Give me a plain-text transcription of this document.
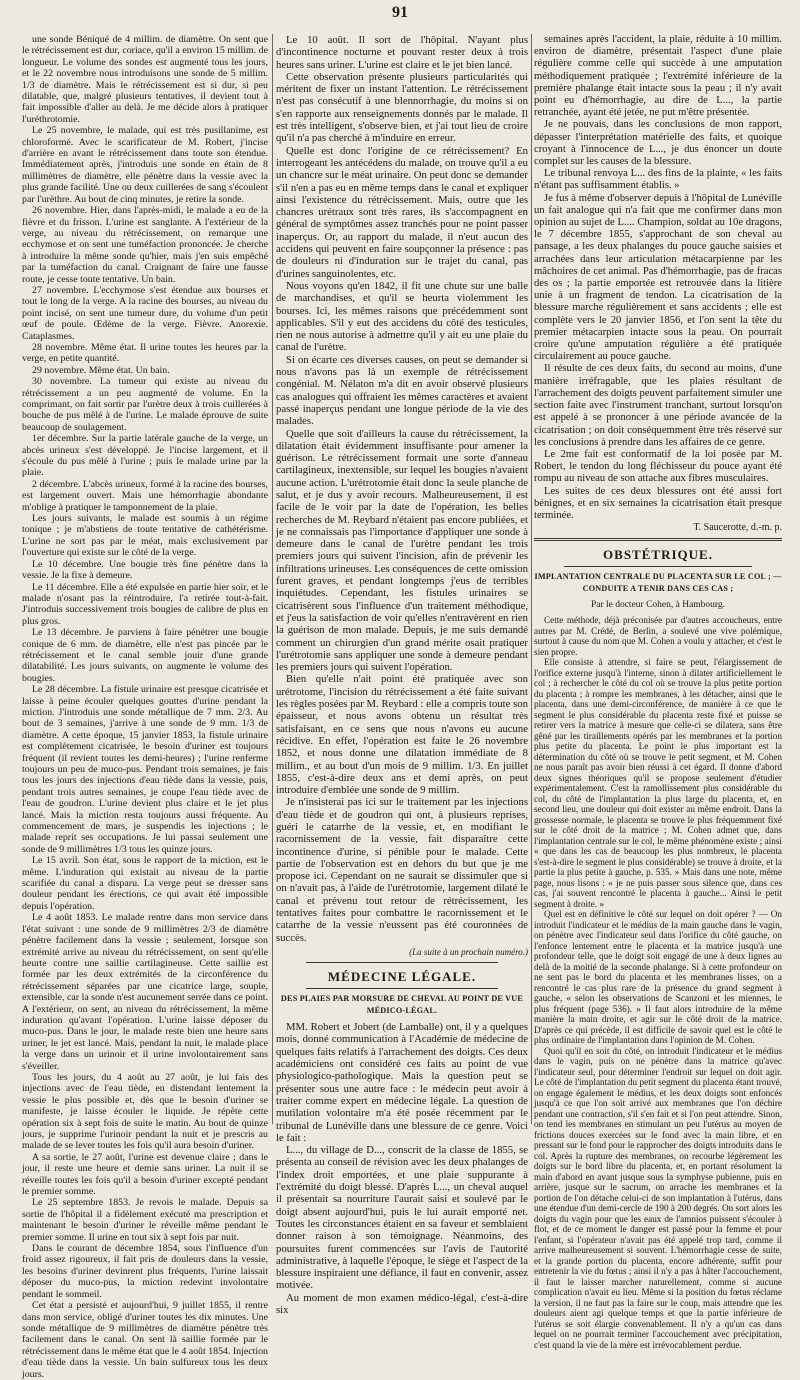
91

une sonde Béniqué de 4 millim. de diamètre. On sent que le rétrécissement est dur, coriace, qu'il a environ 15 millim. de longueur. Le volume des sondes est augmenté tous les jours, et le 22 novembre nous introduisons une sonde de 5 millim. 1/3 de diamètre. Mais le rétrécissement est si dur, si peu dilatable, que, malgré plusieurs tentatives, il devient tout à fait impossible d'aller au delà. Je me décide alors à pratiquer l'uréthrotomie.

Le 25 novembre, le malade, qui est très pusillanime, est chloroformé. Avec le scarificateur de M. Robert, j'incise d'arrière en avant le rétrécissement dans toute son étendue. Immédiatement après, j'introduis une sonde en étain de 8 millimètres de diamètre, elle pénètre dans la vessie avec la plus grande facilité. Une ou deux cuillerées de sang s'écoulent par l'urèthre. Au bout de cinq minutes, je retire la sonde.

26 novembre. Hier, dans l'après-midi, le malade a eu de la fièvre et du frisson. L'urine est sanglante. A l'extérieur de la verge, au niveau du rétrécissement, on remarque une ecchymose et on sent une tuméfaction prononcée. Je cherche à introduire la même sonde qu'hier, mais j'en suis empêché par la tuméfaction du canal. Craignant de faire une fausse route, je cesse toute tentative. Un bain.

27 novembre. L'ecchymose s'est étendue aux bourses et tout le long de la verge. A la racine des bourses, au niveau du point incisé, on sent une tumeur dure, du volume d'un petit œuf de poule. Œdème de la verge. Fièvre. Anorexie. Cataplasmes.

28 novembre. Même état. Il urine toutes les heures par la verge, en petite quantité.

29 novembre. Même état. Un bain.

30 novembre. La tumeur qui existe au niveau du rétrécissement a un peu augmenté de volume. En la comprimant, on fait sortir par l'urètre deux à trois cuillerées à bouche de pus mêlé à de l'urine. Le malade éprouve de suite beaucoup de soulagement.

1er décembre. Sur la partie latérale gauche de la verge, un abcès urineux s'est développé. Je l'incise largement, et il s'écoule du pus mêlé à l'urine ; puis le malade urine par la plaie.

2 décembre. L'abcès urineux, formé à la racine des bourses, est largement ouvert. Mais une hémorrhagie abondante m'oblige à pratiquer le tamponnement de la plaie.

Les jours suivants, le malade est soumis à un régime tonique ; je m'abstiens de toute tentative de cathétérisme. L'urine ne sort pas par le méat, mais exclusivement par l'ouverture qui existe sur le côté de la verge.

Le 10 décembre. Une bougie très fine pénètre dans la vessie. Je la fixe à demeure.

Le 11 décembre. Elle a été expulsée en partie hier soir, et le malade n'osant pas la réintroduire, l'a retirée tout-à-fait. J'introduis successivement trois bougies de calibre de plus en plus gros.

Le 13 décembre. Je parviens à faire pénétrer une bougie conique de 6 mm. de diamètre, elle n'est pas pincée par le rétrécissement et le canal semble jouir d'une grande dilatabilité. Les jours suivants, on augmente le volume des bougies.

Le 28 décembre. La fistule urinaire est presque cicatrisée et laisse à peine écouler quelques gouttes d'urine pendant la miction. J'introduis une sonde métallique de 7 mm. 2/3. Au bout de 3 semaines, j'arrive à une sonde de 9 mm. 1/3 de diamètre. A cette époque, 15 janvier 1853, la fistule urinaire est complètement cicatrisée, le besoin d'uriner est toujours fréquent (il revient toutes les demi-heures) ; l'urine renferme toujours un peu de muco-pus. Pendant trois semaines, je fais tous les jours des injections d'eau tiède dans la vessie, puis, pendant trois autres semaines, je coupe l'eau tiède avec de l'eau de goudron. L'urine devient plus claire et le jet plus lancé. Mais la miction resta toujours aussi fréquente. Au commencement de mars, je suspendis les injections ; le malade reprit ses occupations. Je lui passai seulement une sonde de 9 millimètres 1/3 tous les quinze jours.

Le 15 avril. Son état, sous le rapport de la miction, est le même. L'induration qui existait au niveau de la partie scarifiée du canal a disparu. La verge peut se dresser sans douleur pendant les érections, ce qui avait été impossible depuis l'opération.

Le 4 août 1853. Le malade rentre dans mon service dans l'état suivant : une sonde de 9 millimètres 2/3 de diamètre pénètre facilement dans la vessie ; seulement, lorsque son extrémité arrive au niveau du rétrécissement, on sent qu'elle heurte contre une saillie cartilagineuse. Cette saillie est formée par les deux extrémités de la circonférence du rétrécissement séparées par une cicatrice large, souple, extensible, car la sonde n'est aucunement serrée dans ce point. A l'extérieur, on sent, au niveau du rétrécissement, la même induration qu'avant l'opération. L'urine laisse déposer du muco-pus. Dans le jour, le malade reste bien une heure sans uriner, le jet est lancé. Mais, pendant la nuit, le malade place la verge dans un urinoir et il urine involontairement sans s'éveiller.

Tous les jours, du 4 août au 27 août, je lui fais des injections avec de l'eau tiède, en distendant lentement la vessie le plus possible et, dès que le besoin d'uriner se manifeste, je laisse écouler le liquide. Je répète cette opération six à sept fois de suite le matin. Au bout de quinze jours, je supprime l'urinoir pendant la nuit et je prescris au malade de se lever toutes les fois qu'il aura besoin d'uriner.

A sa sortie, le 27 août, l'urine est devenue claire ; dans le jour, il reste une heure et demie sans uriner. La nuit il se réveille toutes les fois qu'il a besoin d'uriner excepté pendant le premier somme.

Le 25 septembre 1853. Je revois le malade. Depuis sa sortie de l'hôpital il a fidèlement exécuté ma prescription et maintenant le besoin d'uriner le réveille même pendant le premier somme. Il urine en tout six à sept fois par nuit.

Dans le courant de décembre 1854, sous l'influence d'un froid assez rigoureux, il fait pris de douleurs dans la vessie, les besoins d'uriner devinrent plus fréquents, l'urine laissait déposer du muco-pus, la miction redevint involontaire pendant le sommeil.

Cet état a persisté et aujourd'hui, 9 juillet 1855, il rentre dans mon service, obligé d'uriner toutes les dix minutes. Une sonde métallique de 9 millimètres de diamètre pénètre très facilement dans le canal. On sent là saillie formée par le rétrécissement dans le même état que le 4 août 1854. Injection d'eau tiède dans la vessie. Un bain sulfureux tous les deux jours.

Le 10 août. Il sort de l'hôpital. N'ayant plus d'incontinence nocturne et pouvant rester deux à trois heures sans uriner. L'urine est claire et le jet bien lancé.

Cette observation présente plusieurs particularités qui méritent de fixer un instant l'attention. Le rétrécissement n'est pas consécutif à une blennorrhagie, du moins si on s'en rapporte aux renseignements donnés par le malade. Il est très intelligent, s'observe bien, et j'ai tout lieu de croire qu'il n'a pas cherché à m'induire en erreur.

Quelle est donc l'origine de ce rétrécissement? En interrogeant les antécédens du malade, on trouve qu'il a eu un chancre sur le méat urinaire. On peut donc se demander s'il n'en a pas eu en même temps dans le canal et expliquer ainsi l'existence du rétrécissement. Mais, outre que les chancres urétraux sont très rares, ils s'accompagnent en général de symptômes assez tranchés pour ne point passer inaperçus. Or, au rapport du malade, il n'eut aucun des accidens qui peuvent en faire soupçonner la présence : pas de douleurs ni d'induration sur le trajet du canal, pas d'urines sanguinolentes, etc.

Nous voyons qu'en 1842, il fit une chute sur une balle de marchandises, et qu'il se heurta violemment les bourses. Ici, les mêmes raisons que précédemment sont applicables. S'il y eut des accidens du côté des testicules, rien ne nous autorise à admettre qu'il y ait eu une plaie du canal de l'urètre.

Si on écarte ces diverses causes, on peut se demander si nous n'avons pas là un exemple de rétrécissement congénial. M. Nélaton m'a dit en avoir observé plusieurs cas analogues qui offraient les mêmes caractères et avaient passé inaperçus pendant une longue période de la vie des malades.

Quelle que soit d'ailleurs la cause du rétrécissement, la dilatation était évidemment insuffisante pour amener la guérison. Le rétrécissement formait une sorte d'anneau cartilagineux, inextensible, sur lequel les bougies n'avaient aucune action. L'urétrotomie était donc la seule planche de salut, et je dus y avoir recours. Malheureusement, il est facile de le voir par la date de l'opération, les belles recherches de M. Reybard n'étaient pas encore publiées, et je ne connaissais pas l'importance d'appliquer une sonde à demeure dans le canal de l'urètre pendant les trois premiers jours qui suivent l'incision, afin de prévenir les infiltrations urineuses. Les conséquences de cette omission furent graves, et pendant longtemps j'eus de terribles inquiétudes. Cependant, les fistules urinaires se cicatrisèrent sous l'influence d'un traitement méthodique, et j'eus la satisfaction de voir qu'elles n'entravèrent en rien la guérison de mon malade. Depuis, je me suis demandé comment un chirurgien d'un grand mérite osait pratiquer l'urétrotomie sans appliquer une sonde à demeure pendant les premiers jours qui suivent l'opération.

Bien qu'elle n'ait point été pratiquée avec son urétrotome, l'incision du rétrécissement a été faite suivant les règles posées par M. Reybard : elle a compris toute son épaisseur, et nous avons obtenu un résultat très satisfaisant, en ce sens que nous n'avons eu aucune récidive. En effet, l'opération est faite le 26 novembre 1852, et nous donne une dilatation immédiate de 8 millim., et au bout d'un mois de 9 millim. 1/3. En juillet 1855, c'est-à-dire deux ans et demi après, on peut introduire d'emblée une sonde de 9 millim.

Je n'insisterai pas ici sur le traitement par les injections d'eau tiède et de goudron qui ont, à plusieurs reprises, guéri le catarrhe de la vessie, et, en modifiant le racornissement de la vessie, fait disparaître cette incontinence d'urine, si pénible pour le malade. Cette partie de l'observation est en dehors du but que je me propose ici. Cependant on ne saurait se dissimuler que si on n'avait pas, à l'aide de l'urétrotomie, largement dilaté le canal et prévenu tout retour de rétrécissement, les tentatives faites pour combattre le racornissement et le catarrhe de la vessie n'eussent pas été couronnées de succès.

(La suite à un prochain numéro.)
MÉDECINE LÉGALE.
DES PLAIES PAR MORSURE DE CHEVAL AU POINT DE VUE MÉDICO-LÉGAL.

MM. Robert et Jobert (de Lamballe) ont, il y a quelques mois, donné communication à l'Académie de médecine de quelques faits relatifs à l'arrachement des doigts. Ces deux académiciens ont considéré ces faits au point de vue physiologico-pathologique. Mais la question peut se présenter sous une autre face : le médecin peut avoir à traiter comme expert en médecine légale. La question de mutilation volontaire m'a été posée récemment par le tribunal de Lunéville dans une blessure de ce genre. Voici le fait :

L..., du village de D..., conscrit de la classe de 1855, se présenta au conseil de révision avec les deux phalanges de l'index droit emportées, et une plaie suppurante à l'extrémité du doigt blessé. D'après L..., un cheval auquel il présentait sa nourriture l'aurait saisi et soulevé par le doigt absent aujourd'hui, puis le lui aurait emporté net. Toutes les circonstances étaient en sa faveur et semblaient donner raison à son témoignage. Néanmoins, des poursuites furent commencées sur l'avis de l'autorité administrative, à laquelle l'époque, le siège et l'aspect de la blessure inspiraient une défiance, il faut en convenir, assez motivée.

Au moment de mon examen médico-légal, c'est-à-dire six

semaines après l'accident, la plaie, réduite à 10 millim. environ de diamètre, présentait l'aspect d'une plaie régulière comme celle qui succède à une amputation méthodiquement pratiquée ; l'extrémité inférieure de la première phalange était intacte sous la peau ; il n'y avait point eu d'hémorrhagie, au dire de L..., la partie retranchée, ayant été jetée, ne put m'être présentée.

Je ne pouvais, dans les conclusions de mon rapport, dépasser l'interprétation matérielle des faits, et quoique croyant à l'innocence de L..., je dus énoncer un doute complet sur les causes de la blessure.

Le tribunal renvoya L... des fins de la plainte, « les faits n'étant pas suffisamment établis. »

Je fus à même d'observer depuis à l'hôpital de Lunéville un fait analogue qui n'a fait que me confirmer dans mon opinion au sujet de L.... Champion, soldat au 10e dragons, le 7 décembre 1855, s'approchant de son cheval au pansage, a les deux phalanges du pouce gauche saisies et arrachées dans leur articulation métacarpienne par les mâchoires de cet animal. Pas d'hémorrhagie, pas de fracas des os ; la partie emportée est retrouvée dans la litière unie à un fragment de tendon. La cicatrisation de la blessure marche régulièrement et sans accidents ; elle est complète vers le 20 janvier 1856, et l'on sent la tête du premier métacarpien intacte sous la peau. On pourrait croire qu'une amputation régulière a été pratiquée circulairement au pouce gauche.

Il résulte de ces deux faits, du second au moins, d'une manière irréfragable, que les plaies résultant de l'arrachement des doigts peuvent parfaitement simuler une section faite avec l'instrument tranchant, surtout lorsqu'on est appelé à se prononcer à une période avancée de la cicatrisation ; on doit conséquemment être très réservé sur les conclusions à prendre dans les affaires de ce genre.

Le 2me fait est conformatif de la loi posée par M. Robert, le tendon du long fléchisseur du pouce ayant été rompu au niveau de son attache aux fibres musculaires.

Les suites de ces deux blessures ont été aussi fort bénignes, et en six semaines la cicatrisation était presque terminée.

T. Saucerotte, d.-m. p.
OBSTÉTRIQUE.
IMPLANTATION CENTRALE DU PLACENTA SUR LE COL ; — CONDUITE A TENIR DANS CES CAS ;
Par le docteur Cohen, à Hambourg.

Cette méthode, déjà préconisée par d'autres accoucheurs, entre autres par M. Crédé, de Berlin, a soulevé une vive polémique, surtout à cause du nom que M. Cohen a voulu y attacher, et c'est le sien propre.

Elle consiste à attendre, si faire se peut, l'élargissement de l'orifice externe jusqu'à l'interne, sinon à dilater artificiellement le col ; à rechercher le côté du col où se trouve la plus petite portion du placenta ; à rompre les membranes, à les détacher, ainsi que le placenta, dans une demi-circonférence, de manière à ce que le segment le plus considérable du placenta reste fixé et puisse se retirer vers la matrice à mesure que celle-ci se dilatera, sans être gêné par les tiraillements opérés par les membranes et la portion plus petite du placenta. Le point le plus important est la détermination du côté où se trouve le petit segment, et M. Cohen ne nous paraît pas avoir bien réussi à cet égard. Il donne d'abord deux signes théoriques qu'il se propose seulement d'étudier expérimentalement. C'est la ramollissement plus considérable du col, du côté de l'implantation la plus large du placenta, et, en second lieu, une douleur qui doit exister au même endroit. Dans la grossesse normale, le placenta se trouve le plus fréquemment fixé sur le côté droit de la matrice ; M. Cohen admet que, dans l'implantation centrale sur le col, le même phénomène existe ; ainsi « que dans les cas de beaucoup les plus nombreux, le placenta s'est-à-dire le segment le plus considérable) se trouve à droite, et la partie la plus petite à gauche, p. 535. » Mais dans une note, même page, nous lisons : « je ne puis passer sous silence que, dans ces cas, j'ai souvent rencontré le placenta à gauche... Ainsi le petit segment à droite. »

Quel est en définitive le côté sur lequel on doit opérer ? — On introduit l'indicateur et le médius de la main gauche dans le vagin, on pénètre avec l'indicateur seul dans l'orifice du côté gauche, on l'enfonce lentement entre le placenta et la matrice jusqu'à une profondeur telle, que le doigt soit engagé de une à deux lignes au delà de la moitié de la seconde phalange. Si à cette profondeur on ne sent pas le bord du placenta et les membranes lisses, on a rencontré le cas plus rare de la présence du grand segment à gauche, « selon les observations de Scanzoni et les miennes, le plus fréquent (page 536). » Il faut alors introduire de la même manière la main droite, et agir sur le côté droit de la matrice. D'après ce qui précède, il est difficile de savoir quel est le côté le plus ordinaire de l'implantation dans l'opinion de M. Cohen.

Quoi qu'il en soit du côté, on introduit l'indicateur et le médius dans le vagin, puis on ne pénètre dans la matrice qu'avec l'indicateur seul, pour déterminer l'endroit sur lequel on doit agir. Le côté de l'implantation du petit segment du placenta étant trouvé, on engage également le médius, et les deux doigts sont enfoncés jusqu'à ce que l'on soit arrivé aux membranes que l'on déchire pendant une contraction, s'il s'en fait et si l'on peut attendre. Sinon, on tend les membranes en stimulant un peu l'utérus au moyen de frictions douces exercées sur le fond avec la main libre, et en pressant sur le fond pour le rapprocher des doigts introduits dans le col. Après la rupture des membranes, on recourbe légèrement les doigts sur le bord libre du placenta, et, en portant résolument la main d'abord en avant jusque sous la symphyse pubienne, puis en arrière, jusque sur le sacrum, on arrache les membranes et la portion de l'on détache celui-ci de son implantation à l'utérus, dans une étendue d'un demi-cercle de 190 à 200 degrés. On sort alors les doigts du vagin pour que les eaux de l'amnios puissent s'écouler à flot, et de ce moment le danger est passé pour la femme et pour l'enfant, si l'opérateur n'avait pas été appelé trop tard, comme il arrive malheureusement si souvent. L'hémorrhagie cesse de suite, et la grande portion du placenta, encore adhérente, suffit pour entretenir la vie du fœtus ; ainsi il n'y a pas à hâter l'accouchement, il faut le laisser marcher naturellement, comme si aucune complication n'avait eu lieu. Même si la position du fœtus réclame la version, il ne faut pas la faire sur le coup, mais attendre que les douleurs aient agi quelque temps et que la partie inférieure de l'utérus se soit élargie convenablement. Il n'y a qu'un cas dans lequel on ne pourrait terminer l'accouchement avec précipitation, c'est quand la vie de la mère est irrévocablement perdue.
